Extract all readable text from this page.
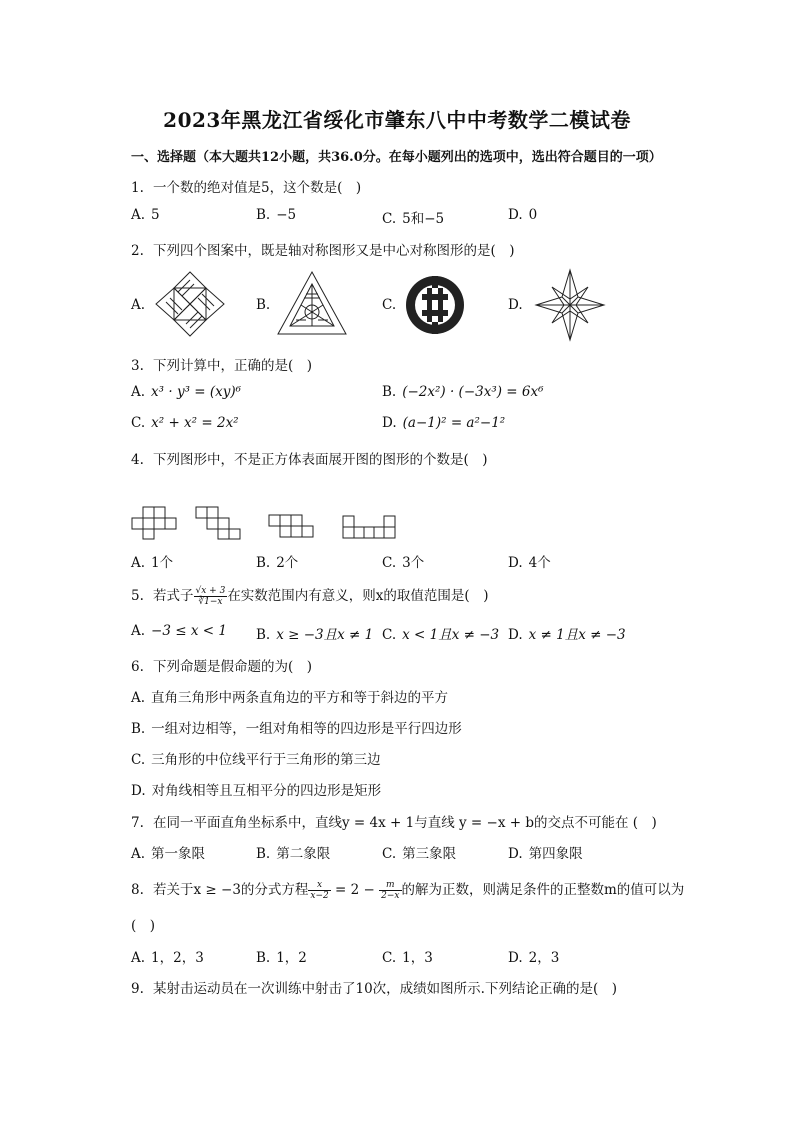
2023年黑龙江省绥化市肇东八中中考数学二模试卷
一、选择题（本大题共12小题，共36.0分。在每小题列出的选项中，选出符合题目的一项）
1. 一个数的绝对值是5，这个数是(　)
A. 5	B. −5	C. 5和−5	D. 0
2. 下列四个图案中，既是轴对称图形又是中心对称图形的是(　)
A.	B.	C.	D.
3. 下列计算中，正确的是(　)
A. x³ · y³ = (xy)⁶	B. (−2x²) · (−3x³) = 6x⁶
C. x² + x² = 2x²	D. (a−1)² = a²−1²
4. 下列图形中，不是正方体表面展开图的图形的个数是(　)
A. 1个	B. 2个	C. 3个	D. 4个
5. 若式子 $\frac{√x + 3}{∛1-x}$ 在实数范围内有意义，则x的取值范围是(　)
A. −3 ≤ x < 1 B. x ≥ −3且x ≠ 1 C. x < 1且x ≠ −3 D. x ≠ 1且x ≠ −3
6. 下列命题是假命题的为(　)
A. 直角三角形中两条直角边的平方和等于斜边的平方
B. 一组对边相等，一组对角相等的四边形是平行四边形
C. 三角形的中位线平行于三角形的第三边
D. 对角线相等且互相平分的四边形是矩形
7. 在同一平面直角坐标系中，直线y = 4x + 1与直线 y = −x + b的交点不可能在 (　)
A. 第一象限	B. 第二象限	C. 第三象限	D. 第四象限
8. 若关于x ≥ −3的分式方程 $\frac{x}{x-2} = 2 - \frac{m}{2-x}$ 的解为正数，则满足条件的正整数m的值可以为
(　)
A. 1，2，3	B. 1，2	C. 1，3	D. 2，3
9. 某射击运动员在一次训练中射击了10次，成绩如图所示.下列结论正确的是(　)
